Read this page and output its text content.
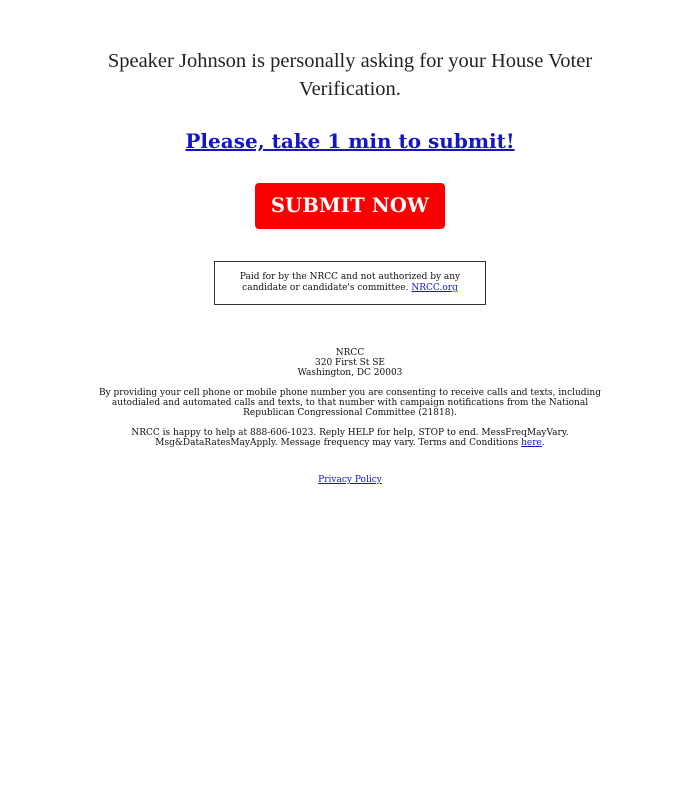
Speaker Johnson is personally asking for your House Voter Verification.

Please, take 1 min to submit!

SUBMIT NOW
Paid for by the NRCC and not authorized by any candidate or candidate's committee. NRCC.org

NRCC
320 First St SE
Washington, DC 20003

By providing your cell phone or mobile phone number you are consenting to receive calls and texts, including autodialed and automated calls and texts, to that number with campaign notifications from the National Republican Congressional Committee (21818).

NRCC is happy to help at 888-606-1023. Reply HELP for help, STOP to end. MessFreqMayVary. Msg&DataRatesMayApply. Message frequency may vary. Terms and Conditions here.

Privacy Policy
